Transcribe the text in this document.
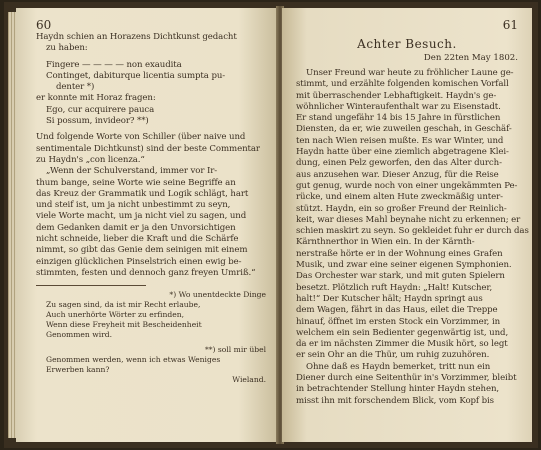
60
Haydn schien an Horazens Dichtkunst gedacht
zu haben:
Fingere — — — — non exaudita
Continget, dabiturque licentia sumpta pu-
denter *)
er konnte mit Horaz fragen:
Ego, cur acquirere pauca
Si possum, invideor? **)
Und folgende Worte von Schiller (über naive und
sentimentale Dichtkunst) sind der beste Commentar
zu Haydn's „con licenza.“
„Wenn der Schulverstand, immer vor Ir-
thum bange, seine Worte wie seine Begriffe an
das Kreuz der Grammatik und Logik schlägt, hart
und steif ist, um ja nicht unbestimmt zu seyn,
viele Worte macht, um ja nicht viel zu sagen, und
dem Gedanken damit er ja den Unvorsichtigen
nicht schneide, lieber die Kraft und die Schärfe
nimmt, so gibt das Genie dem seinigen mit einem
einzigen glücklichen Pinselstrich einen ewig be-
stimmten, festen und dennoch ganz freyen Umriß.“
*) Wo unentdeckte Dinge
Zu sagen sind, da ist mir Recht erlaube,
Auch unerhörte Wörter zu erfinden,
Wenn diese Freyheit mit Bescheidenheit
Genommen wird.
**) soll mir übel
Genommen werden, wenn ich etwas Weniges
Erwerben kann?
Wieland.
61
Achter Besuch.
Den 22ten May 1802.
Unser Freund war heute zu fröhlicher Laune ge-
stimmt, und erzählte folgenden komischen Vorfall
mit überraschender Lebhaftigkeit. Haydn's ge-
wöhnlicher Winteraufenthalt war zu Eisenstadt.
Er stand ungefähr 14 bis 15 Jahre in fürstlichen
Diensten, da er, wie zuweilen geschah, in Geschäf-
ten nach Wien reisen mußte. Es war Winter, und
Haydn hatte über eine ziemlich abgetragene Klei-
dung, einen Pelz geworfen, den das Alter durch-
aus anzusehen war. Dieser Anzug, für die Reise
gut genug, wurde noch von einer ungekämmten Pe-
rücke, und einem alten Hute zweckmäßig unter-
stützt. Haydn, ein so großer Freund der Reinlich-
keit, war dieses Mahl beynahe nicht zu erkennen; er
schien maskirt zu seyn. So gekleidet fuhr er durch das
Kärnthnerthor in Wien ein. In der Kärnth-
nerstraße hörte er in der Wohnung eines Grafen
Musik, und zwar eine seiner eigenen Symphonien.
Das Orchester war stark, und mit guten Spielern
besetzt. Plötzlich ruft Haydn: „Halt! Kutscher,
halt!“ Der Kutscher hält; Haydn springt aus
dem Wagen, fährt in das Haus, eilet die Treppe
hinauf, öffnet im ersten Stock ein Vorzimmer, in
welchem ein sein Bedienter gegenwärtig ist, und,
da er im nächsten Zimmer die Musik hört, so legt
er sein Ohr an die Thür, um ruhig zuzuhören.
Ohne daß es Haydn bemerket, tritt nun ein
Diener durch eine Seitenthür in's Vorzimmer, bleibt
in betrachtender Stellung hinter Haydn stehen,
misst ihn mit forschendem Blick, vom Kopf bis
